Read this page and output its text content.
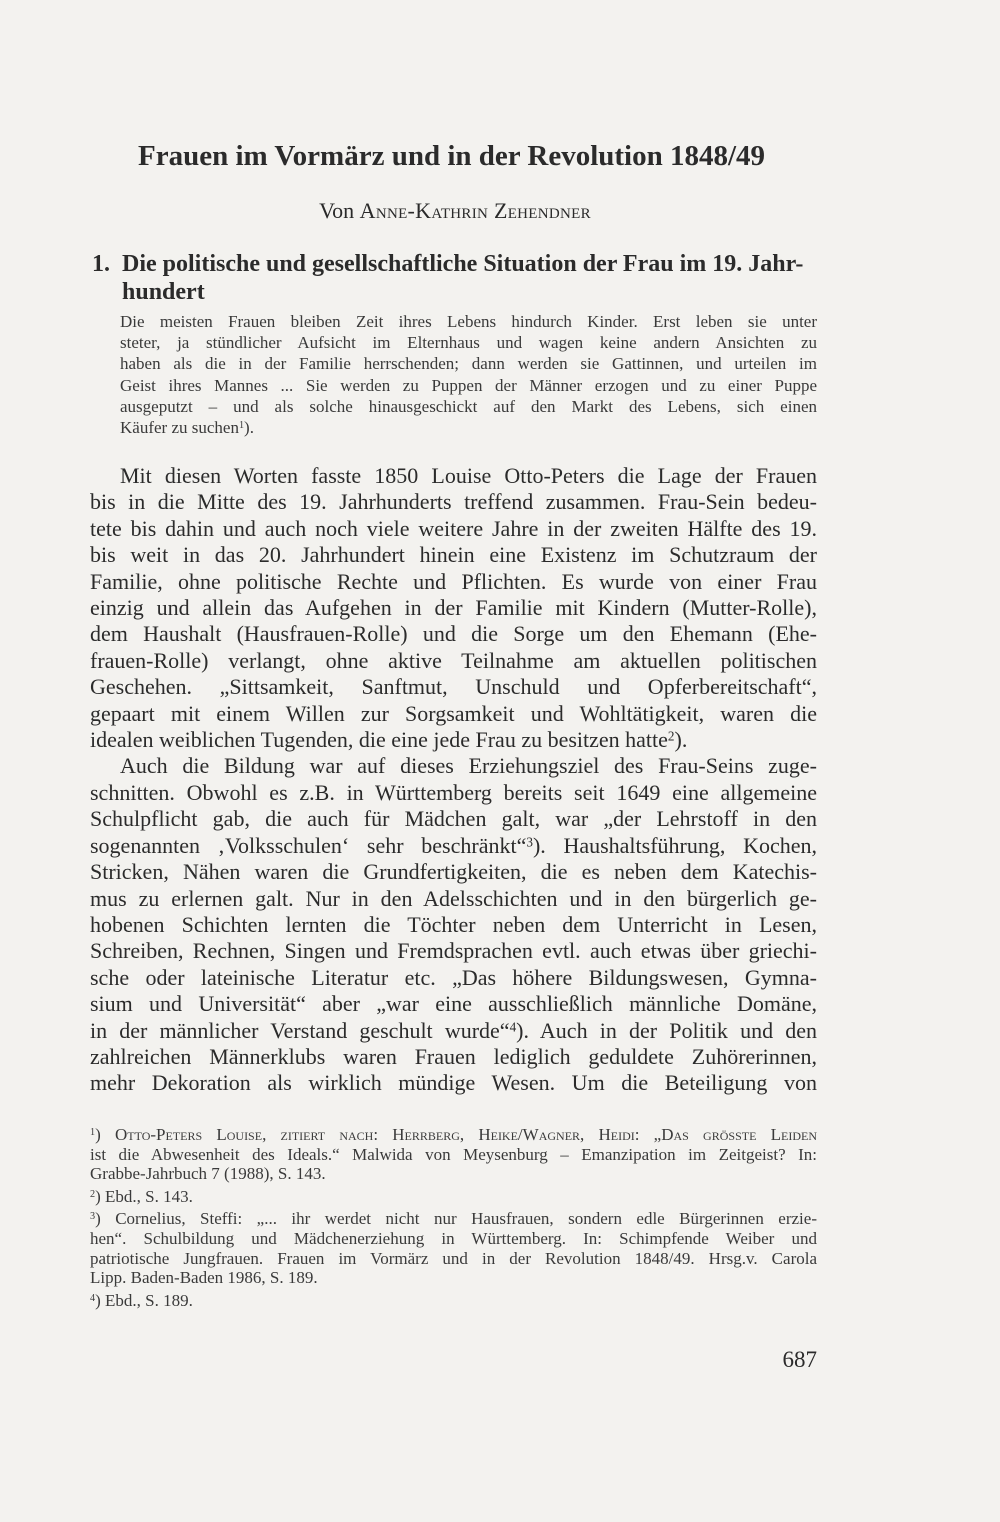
Frauen im Vormärz und in der Revolution 1848/49
Von Anne-Kathrin Zehendner
1. Die politische und gesellschaftliche Situation der Frau im 19. Jahr-
hundert
Die meisten Frauen bleiben Zeit ihres Lebens hindurch Kinder. Erst leben sie unter
steter, ja stündlicher Aufsicht im Elternhaus und wagen keine andern Ansichten zu
haben als die in der Familie herrschenden; dann werden sie Gattinnen, und urteilen im
Geist ihres Mannes ... Sie werden zu Puppen der Männer erzogen und zu einer Puppe
ausgeputzt – und als solche hinausgeschickt auf den Markt des Lebens, sich einen
Käufer zu suchen$^1$).

Mit diesen Worten fasste 1850 Louise Otto-Peters die Lage der Frauen
bis in die Mitte des 19. Jahrhunderts treffend zusammen. Frau-Sein bedeu-
tete bis dahin und auch noch viele weitere Jahre in der zweiten Hälfte des 19.
bis weit in das 20. Jahrhundert hinein eine Existenz im Schutzraum der
Familie, ohne politische Rechte und Pflichten. Es wurde von einer Frau
einzig und allein das Aufgehen in der Familie mit Kindern (Mutter-Rolle),
dem Haushalt (Hausfrauen-Rolle) und die Sorge um den Ehemann (Ehe-
frauen-Rolle) verlangt, ohne aktive Teilnahme am aktuellen politischen
Geschehen. „Sittsamkeit, Sanftmut, Unschuld und Opferbereitschaft“,
gepaart mit einem Willen zur Sorgsamkeit und Wohltätigkeit, waren die
idealen weiblichen Tugenden, die eine jede Frau zu besitzen hatte$^2$).

Auch die Bildung war auf dieses Erziehungsziel des Frau-Seins zuge-
schnitten. Obwohl es z.B. in Württemberg bereits seit 1649 eine allgemeine
Schulpflicht gab, die auch für Mädchen galt, war „der Lehrstoff in den
sogenannten ‚Volksschulen‘ sehr beschränkt“$^3$). Haushaltsführung, Kochen,
Stricken, Nähen waren die Grundfertigkeiten, die es neben dem Katechis-
mus zu erlernen galt. Nur in den Adelsschichten und in den bürgerlich ge-
hobenen Schichten lernten die Töchter neben dem Unterricht in Lesen,
Schreiben, Rechnen, Singen und Fremdsprachen evtl. auch etwas über griechi-
sche oder lateinische Literatur etc. „Das höhere Bildungswesen, Gymna-
sium und Universität“ aber „war eine ausschließlich männliche Domäne,
in der männlicher Verstand geschult wurde“$^4$). Auch in der Politik und den
zahlreichen Männerklubs waren Frauen lediglich geduldete Zuhörerinnen,
mehr Dekoration als wirklich mündige Wesen. Um die Beteiligung von

$^1$) Otto-Peters Louise, zitiert nach: Herrberg, Heike/Wagner, Heidi: „Das größte Leiden
ist die Abwesenheit des Ideals.“ Malwida von Meysenburg – Emanzipation im Zeitgeist? In:
Grabbe-Jahrbuch 7 (1988), S. 143.
$^2$) Ebd., S. 143.
$^3$) Cornelius, Steffi: „... ihr werdet nicht nur Hausfrauen, sondern edle Bürgerinnen erzie-
hen“. Schulbildung und Mädchenerziehung in Württemberg. In: Schimpfende Weiber und
patriotische Jungfrauen. Frauen im Vormärz und in der Revolution 1848/49. Hrsg.v. Carola
Lipp. Baden-Baden 1986, S. 189.
$^4$) Ebd., S. 189.
687
